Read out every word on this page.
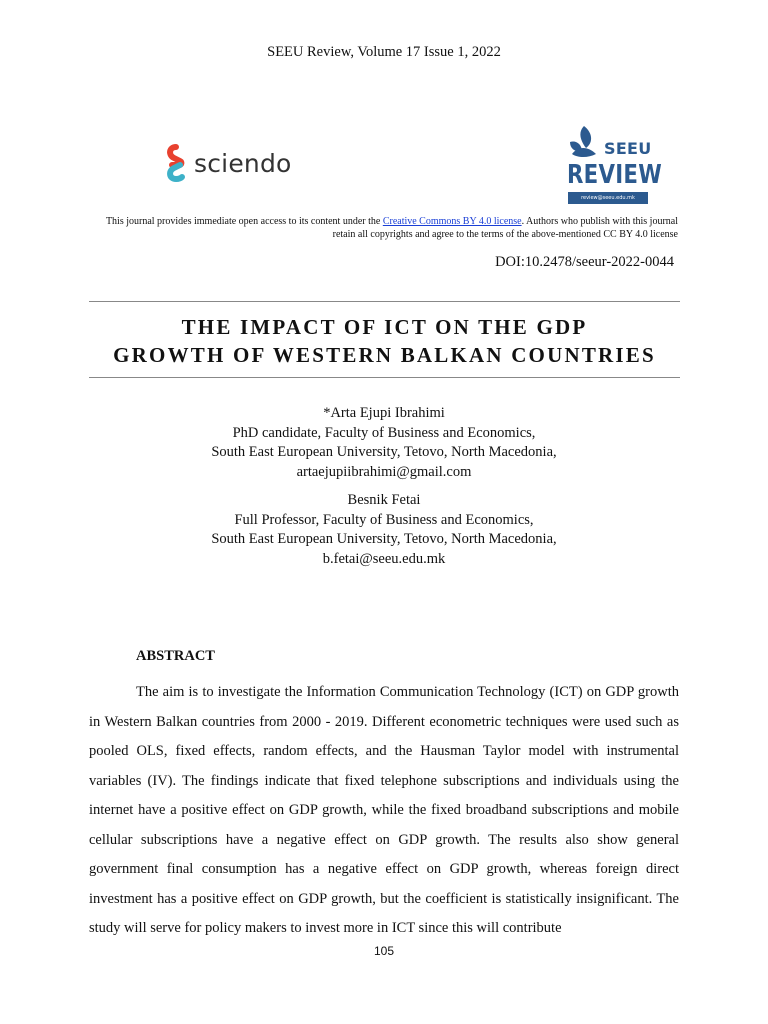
SEEU Review, Volume 17 Issue 1, 2022
sciendo	SEEU
REVIEW
review@seeu.edu.mk
This journal provides immediate open access to its content under the Creative Commons BY 4.0 license. Authors who publish with this journal retain all copyrights and agree to the terms of the above-mentioned CC BY 4.0 license
DOI:10.2478/seeur-2022-0044
THE IMPACT OF ICT ON THE GDP
GROWTH OF WESTERN BALKAN COUNTRIES
*Arta Ejupi Ibrahimi
PhD candidate, Faculty of Business and Economics,
South East European University, Tetovo, North Macedonia,
artaejupiibrahimi@gmail.com
Besnik Fetai
Full Professor, Faculty of Business and Economics,
South East European University, Tetovo, North Macedonia,
b.fetai@seeu.edu.mk
ABSTRACT
The aim is to investigate the Information Communication Technology (ICT) on GDP growth in Western Balkan countries from 2000 - 2019. Different econometric techniques were used such as pooled OLS, fixed effects, random effects, and the Hausman Taylor model with instrumental variables (IV). The findings indicate that fixed telephone subscriptions and individuals using the internet have a positive effect on GDP growth, while the fixed broadband subscriptions and mobile cellular subscriptions have a negative effect on GDP growth. The results also show general government final consumption has a negative effect on GDP growth, whereas foreign direct investment has a positive effect on GDP growth, but the coefficient is statistically insignificant. The study will serve for policy makers to invest more in ICT since this will contribute
105
